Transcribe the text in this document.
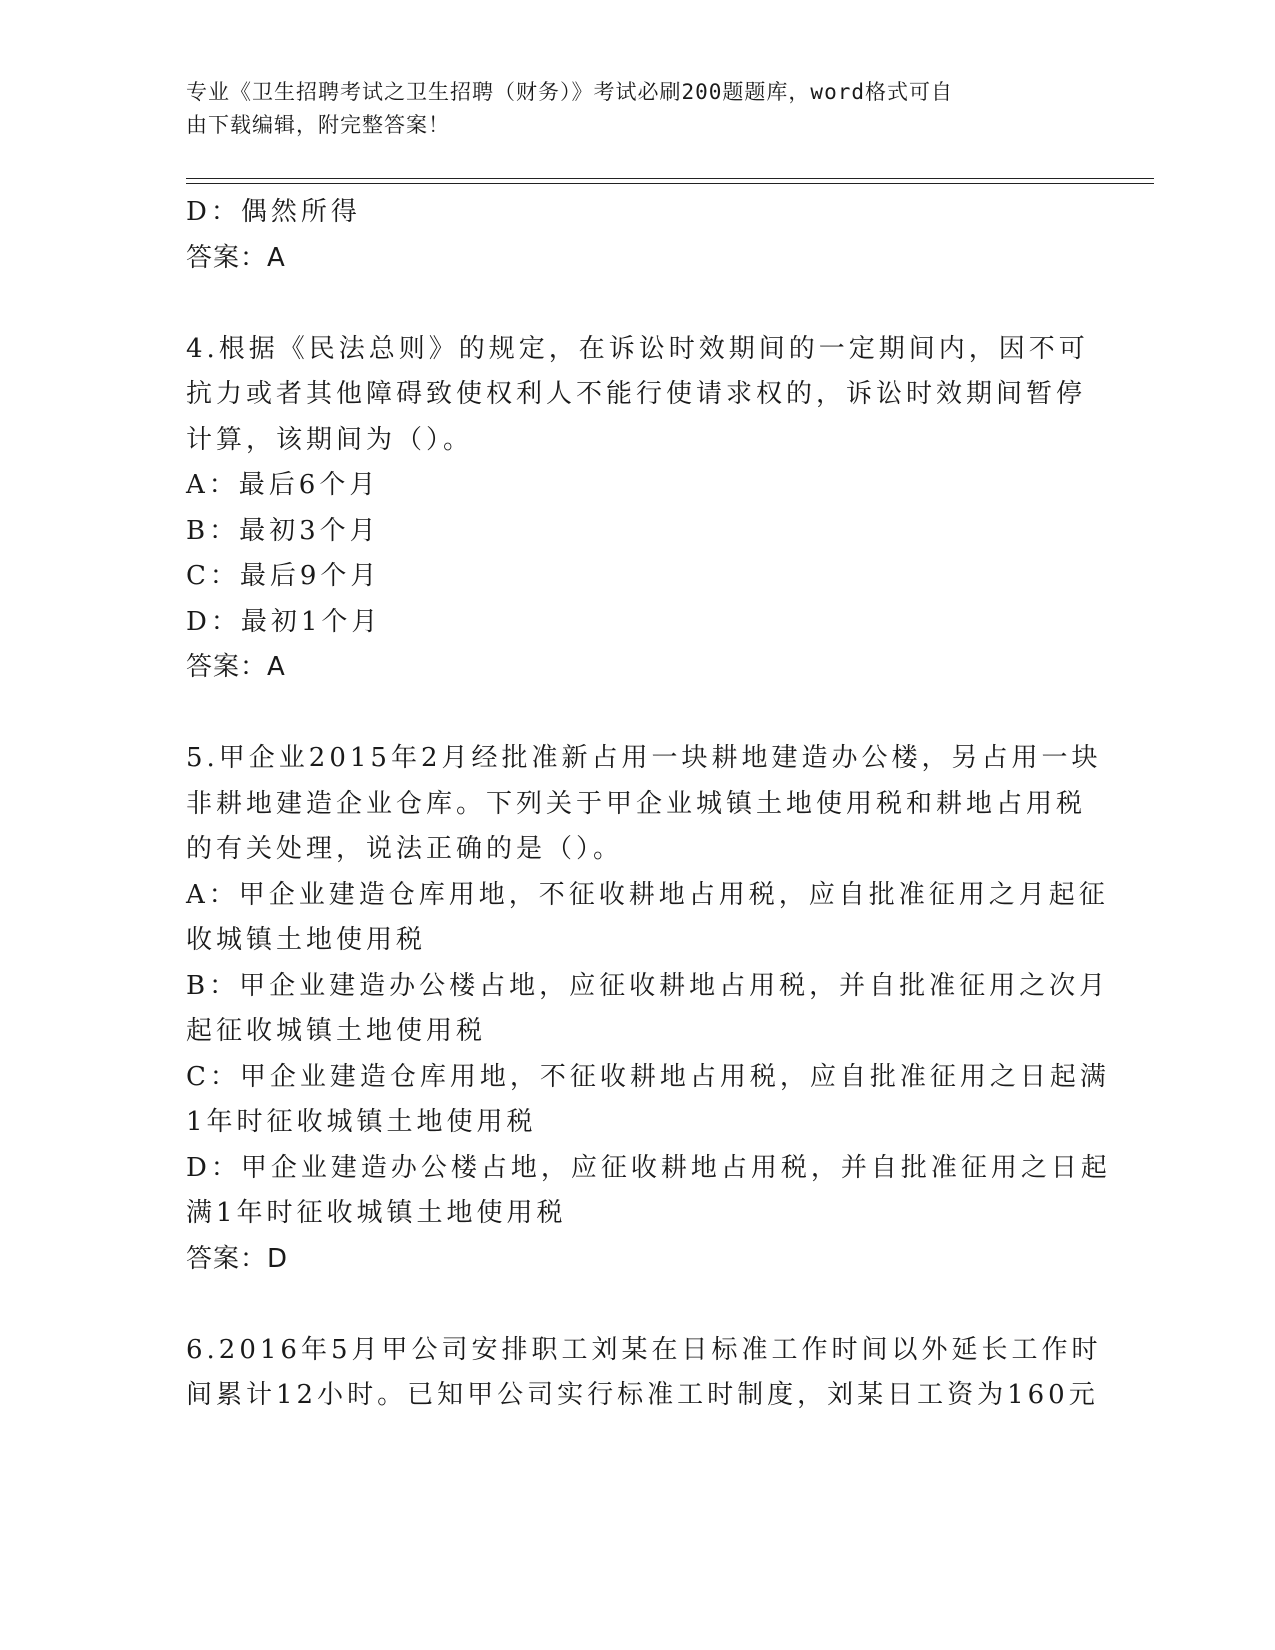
专业《卫生招聘考试之卫生招聘（财务）》考试必刷200题题库，word格式可自
由下载编辑，附完整答案！
D：偶然所得
答案：A
4.根据《民法总则》的规定，在诉讼时效期间的一定期间内，因不可
抗力或者其他障碍致使权利人不能行使请求权的，诉讼时效期间暂停
计算，该期间为（）。
A：最后6个月
B：最初3个月
C：最后9个月
D：最初1个月
答案：A
5.甲企业2015年2月经批准新占用一块耕地建造办公楼，另占用一块
非耕地建造企业仓库。下列关于甲企业城镇土地使用税和耕地占用税
的有关处理，说法正确的是（）。
A：甲企业建造仓库用地，不征收耕地占用税，应自批准征用之月起征
收城镇土地使用税
B：甲企业建造办公楼占地，应征收耕地占用税，并自批准征用之次月
起征收城镇土地使用税
C：甲企业建造仓库用地，不征收耕地占用税，应自批准征用之日起满
1年时征收城镇土地使用税
D：甲企业建造办公楼占地，应征收耕地占用税，并自批准征用之日起
满1年时征收城镇土地使用税
答案：D
6.2016年5月甲公司安排职工刘某在日标准工作时间以外延长工作时
间累计12小时。已知甲公司实行标准工时制度，刘某日工资为160元
